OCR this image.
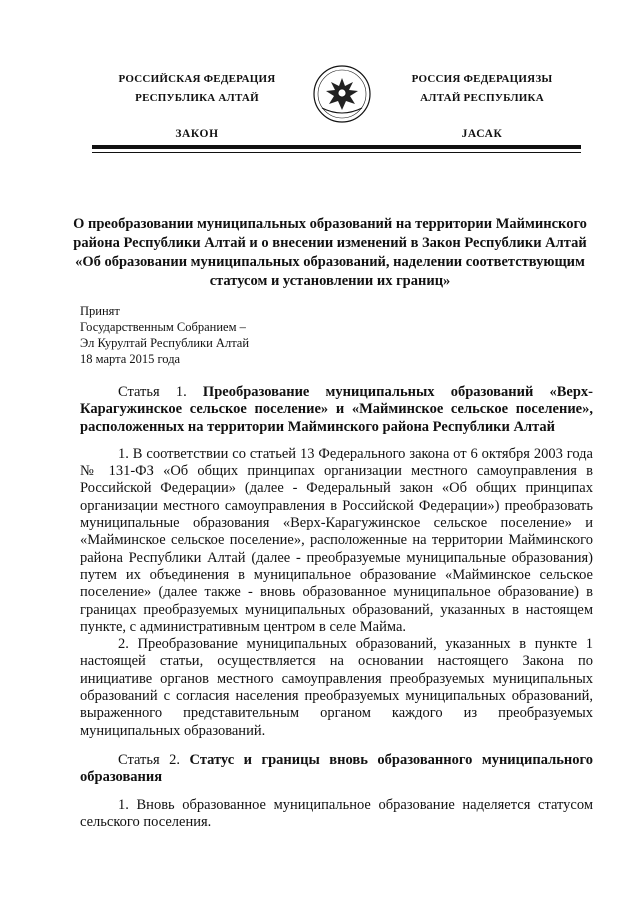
РОССИЙСКАЯ ФЕДЕРАЦИЯ
РЕСПУБЛИКА АЛТАЙ
ЗАКОН
РОССИЯ ФЕДЕРАЦИЯЗЫ
АЛТАЙ РЕСПУБЛИКА
JАСАК
О преобразовании муниципальных образований на территории Майминского района Республики Алтай и о внесении изменений в Закон Республики Алтай «Об образовании муниципальных образований, наделении соответствующим статусом и установлении их границ»
Принят
Государственным Собранием –
Эл Курултай Республики Алтай
18 марта 2015 года

Статья 1. Преобразование муниципальных образований «Верх-Карагужинское сельское поселение» и «Майминское сельское поселение», расположенных на территории Майминского района Республики Алтай

1. В соответствии со статьей 13 Федерального закона от 6 октября 2003 года № 131-ФЗ «Об общих принципах организации местного самоуправления в Российской Федерации» (далее - Федеральный закон «Об общих принципах организации местного самоуправления в Российской Федерации») преобразовать муниципальные образования «Верх-Карагужинское сельское поселение» и «Майминское сельское поселение», расположенные на территории Майминского района Республики Алтай (далее - преобразуемые муниципальные образования) путем их объединения в муниципальное образование «Майминское сельское поселение» (далее также - вновь образованное муниципальное образование) в границах преобразуемых муниципальных образований, указанных в настоящем пункте, с административным центром в селе Майма.

2. Преобразование муниципальных образований, указанных в пункте 1 настоящей статьи, осуществляется на основании настоящего Закона по инициативе органов местного самоуправления преобразуемых муниципальных образований с согласия населения преобразуемых муниципальных образований, выраженного представительным органом каждого из преобразуемых муниципальных образований.

Статья 2. Статус и границы вновь образованного муниципального образования

1. Вновь образованное муниципальное образование наделяется статусом сельского поселения.
